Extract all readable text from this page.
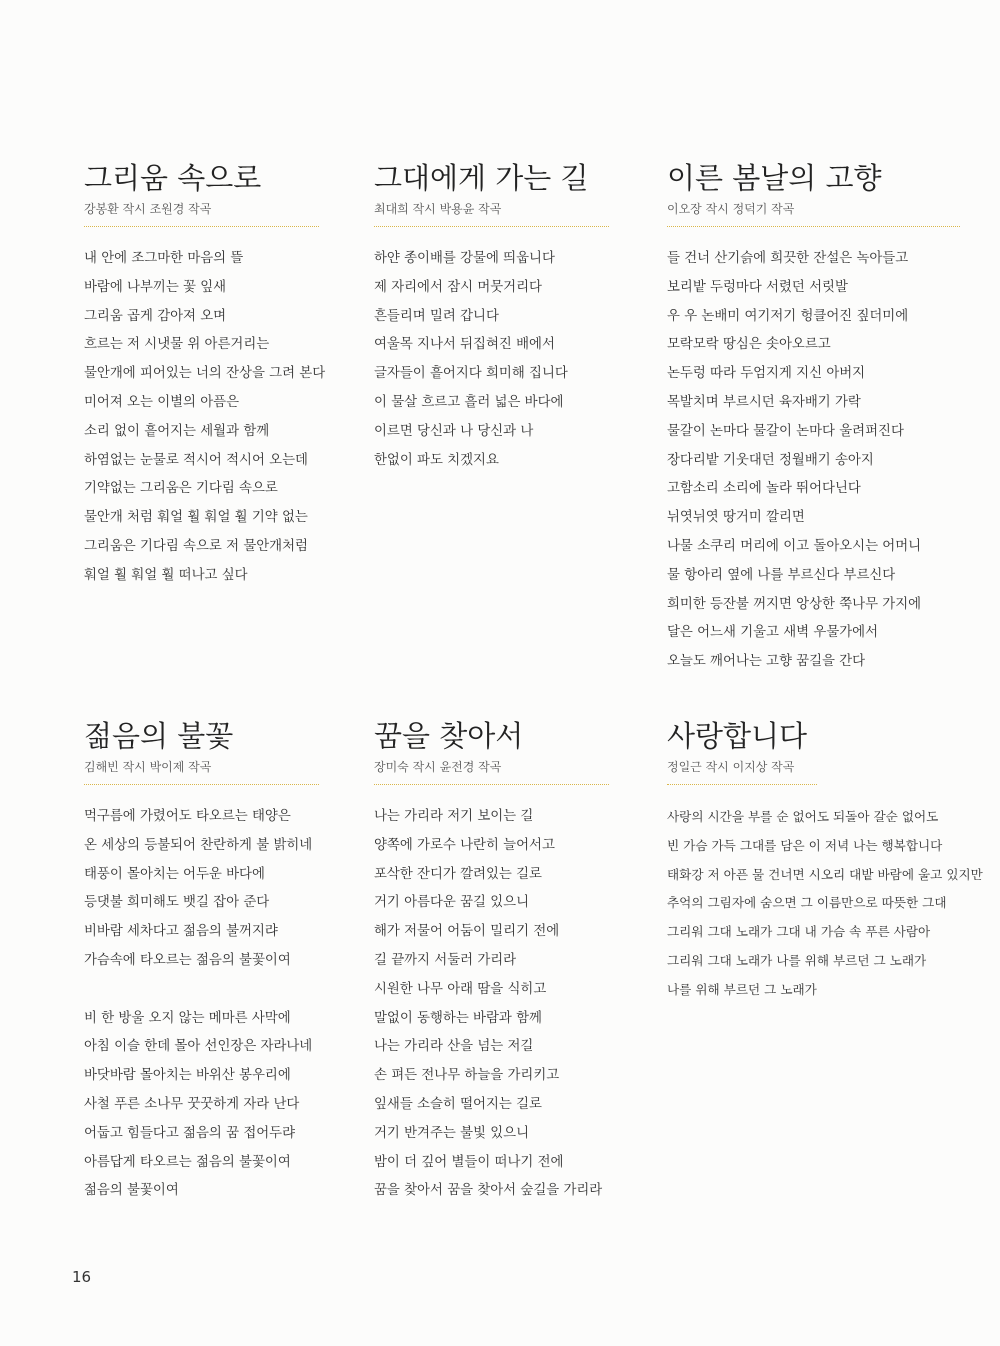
그리움 속으로
강봉환 작시 조원경 작곡
내 안에 조그마한 마음의 뜰
바람에 나부끼는 꽃 잎새
그리움 곱게 감아져 오며
흐르는 저 시냇물 위 아른거리는
물안개에 피어있는 너의 잔상을 그려 본다
미어져 오는 이별의 아픔은
소리 없이 흩어지는 세월과 함께
하염없는 눈물로 적시어 적시어 오는데
기약없는 그리움은 기다림 속으로
물안개 처럼 훠얼 훨 훠얼 훨 기약 없는
그리움은 기다림 속으로 저 물안개처럼
훠얼 훨 훠얼 훨 떠나고 싶다
그대에게 가는 길
최대희 작시 박용윤 작곡
하얀 종이배를 강물에 띄웁니다
제 자리에서 잠시 머뭇거리다
흔들리며 밀려 갑니다
여울목 지나서 뒤집혀진 배에서
글자들이 흩어지다 희미해 집니다
이 물살 흐르고 흘러 넓은 바다에
이르면 당신과 나 당신과 나
한없이 파도 치겠지요
이른 봄날의 고향
이오장 작시 정덕기 작곡
들 건너 산기슭에 희끗한 잔설은 녹아들고
보리밭 두렁마다 서렸던 서릿발
우 우 논배미 여기저기 헝클어진 짚더미에
모락모락 땅심은 솟아오르고
논두렁 따라 두엄지게 지신 아버지
목발치며 부르시던 육자배기 가락
물갈이 논마다 물갈이 논마다 울려퍼진다
장다리밭 기웃대던 정월배기 송아지
고함소리 소리에 놀라 뛰어다닌다
뉘엿뉘엿 땅거미 깔리면
나물 소쿠리 머리에 이고 돌아오시는 어머니
물 항아리 옆에 나를 부르신다 부르신다
희미한 등잔불 꺼지면 앙상한 쭉나무 가지에
달은 어느새 기울고 새벽 우물가에서
오늘도 깨어나는 고향 꿈길을 간다
젊음의 불꽃
김해빈 작시 박이제 작곡
먹구름에 가렸어도 타오르는 태양은
온 세상의 등불되어 찬란하게 불 밝히네
태풍이 몰아치는 어두운 바다에
등댓불 희미해도 뱃길 잡아 준다
비바람 세차다고 젊음의 불꺼지랴
가슴속에 타오르는 젊음의 불꽃이여
비 한 방울 오지 않는 메마른 사막에
아침 이슬 한데 몰아 선인장은 자라나네
바닷바람 몰아치는 바위산 봉우리에
사철 푸른 소나무 꿋꿋하게 자라 난다
어둡고 힘들다고 젊음의 꿈 접어두랴
아름답게 타오르는 젊음의 불꽃이여
젊음의 불꽃이여
꿈을 찾아서
장미숙 작시 윤전경 작곡
나는 가리라 저기 보이는 길
양쪽에 가로수 나란히 늘어서고
포삭한 잔디가 깔려있는 길로
거기 아름다운 꿈길 있으니
해가 저물어 어둠이 밀리기 전에
길 끝까지 서둘러 가리라
시원한 나무 아래 땀을 식히고
말없이 동행하는 바람과 함께
나는 가리라 산을 넘는 저길
손 펴든 전나무 하늘을 가리키고
잎새들 소슬히 떨어지는 길로
거기 반겨주는 불빛 있으니
밤이 더 깊어 별들이 떠나기 전에
꿈을 찾아서 꿈을 찾아서 숲길을 가리라
사랑합니다
정일근 작시 이지상 작곡
사랑의 시간을 부를 순 없어도 되돌아 갈순 없어도
빈 가슴 가득 그대를 담은 이 저녁 나는 행복합니다
태화강 저 아픈 물 건너면 시오리 대밭 바람에 울고 있지만
추억의 그림자에 숨으면 그 이름만으로 따뜻한 그대
그리워 그대 노래가 그대 내 가슴 속 푸른 사람아
그리워 그대 노래가 나를 위해 부르던 그 노래가
나를 위해 부르던 그 노래가
16
